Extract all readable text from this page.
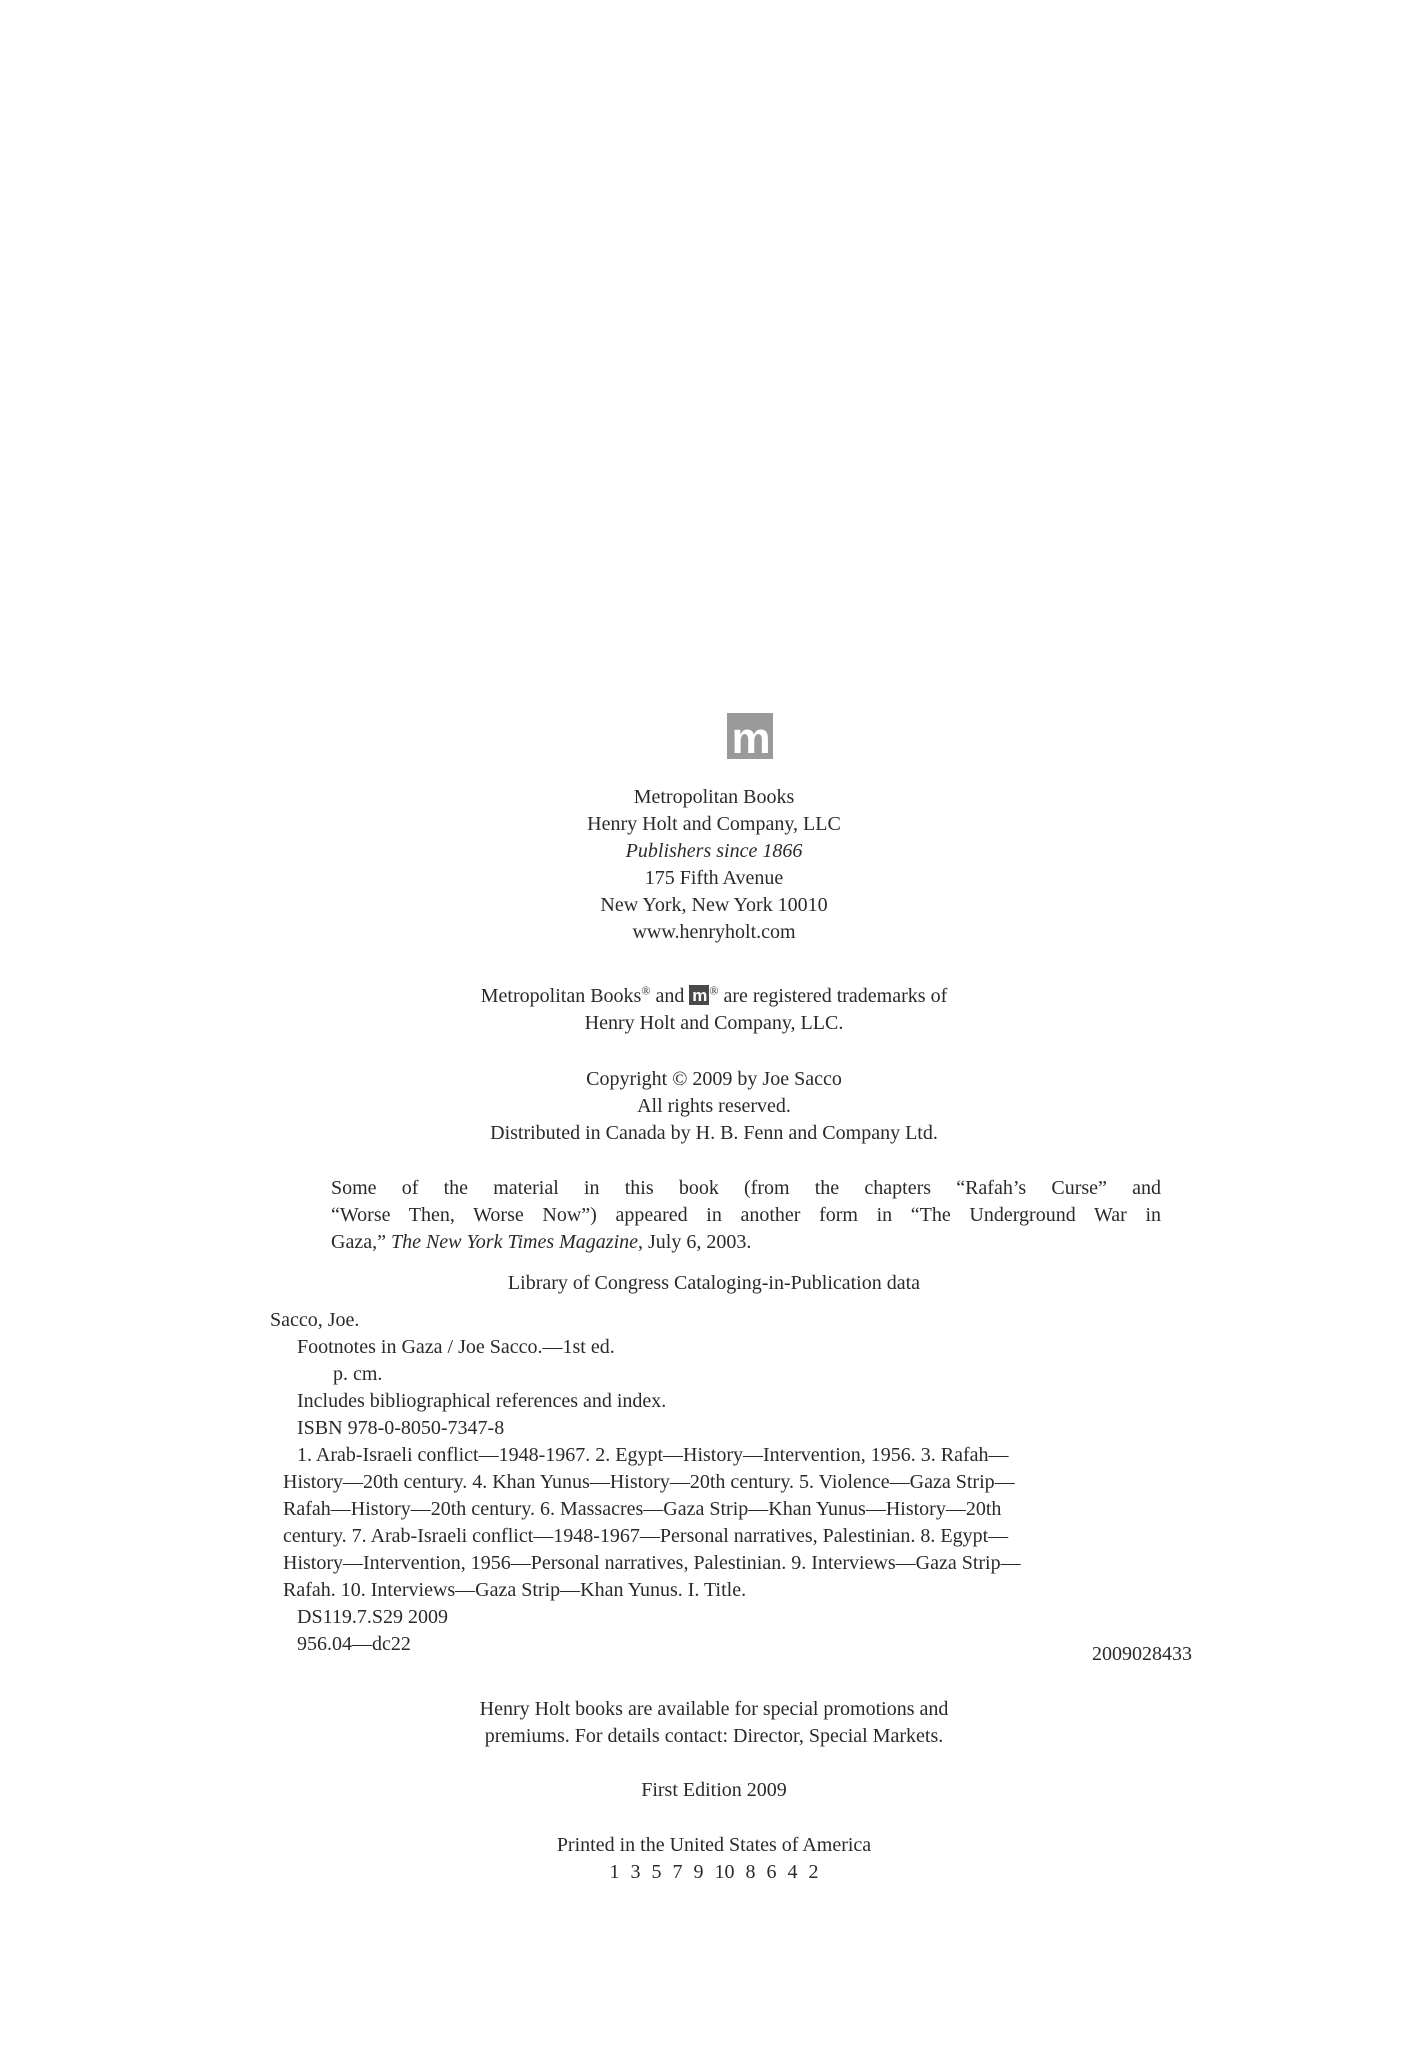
m
Metropolitan Books
Henry Holt and Company, LLC
Publishers since 1866
175 Fifth Avenue
New York, New York 10010
www.henryholt.com
Metropolitan Books® and m ® are registered trademarks of
Henry Holt and Company, LLC.
Copyright © 2009 by Joe Sacco
All rights reserved.
Distributed in Canada by H. B. Fenn and Company Ltd.
Some of the material in this book (from the chapters “Rafah’s Curse” and
“Worse Then, Worse Now”) appeared in another form in “The Underground War in
Gaza,” The New York Times Magazine, July 6, 2003.
Library of Congress Cataloging-in-Publication data
Sacco, Joe.
Footnotes in Gaza / Joe Sacco.—1st ed.
p. cm.
Includes bibliographical references and index.
ISBN 978-0-8050-7347-8
1. Arab-Israeli conflict—1948-1967. 2. Egypt—History—Intervention, 1956. 3. Rafah—
History—20th century. 4. Khan Yunus—History—20th century. 5. Violence—Gaza Strip—
Rafah—History—20th century. 6. Massacres—Gaza Strip—Khan Yunus—History—20th
century. 7. Arab-Israeli conflict—1948-1967—Personal narratives, Palestinian. 8. Egypt—
History—Intervention, 1956—Personal narratives, Palestinian. 9. Interviews—Gaza Strip—
Rafah. 10. Interviews—Gaza Strip—Khan Yunus. I. Title.
DS119.7.S29 2009
956.04—dc22	2009028433
Henry Holt books are available for special promotions and
premiums. For details contact: Director, Special Markets.
First Edition 2009
Printed in the United States of America
1 3 5 7 9 10 8 6 4 2
